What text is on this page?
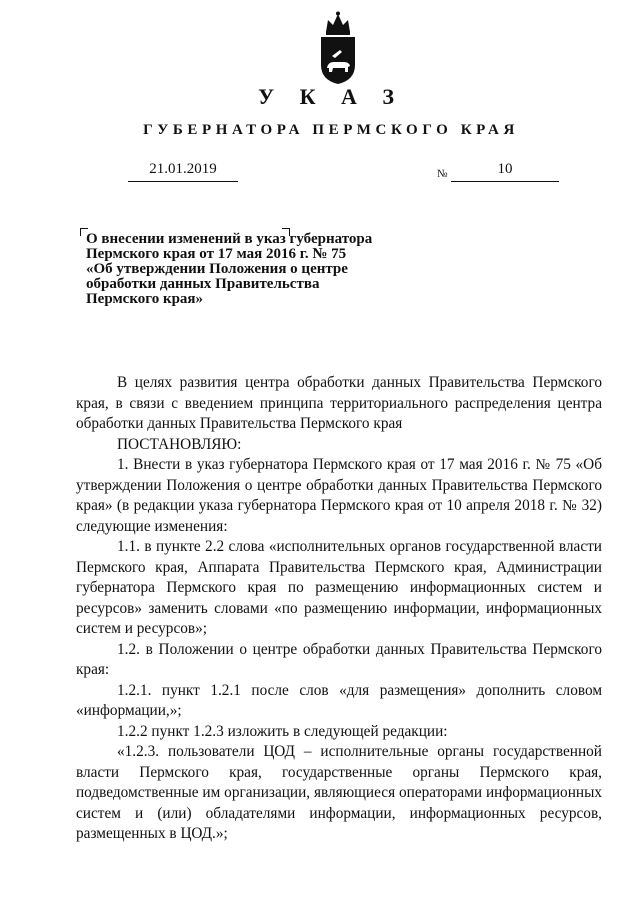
У К А З
ГУБЕРНАТОРА ПЕРМСКОГО КРАЯ
21.01.2019	№	10
О внесении изменений в указ губернатора
Пермского края от 17 мая 2016 г. № 75
«Об утверждении Положения о центре
обработки данных Правительства
Пермского края»

В целях развития центра обработки данных Правительства Пермского края, в связи с введением принципа территориального распределения центра обработки данных Правительства Пермского края

ПОСТАНОВЛЯЮ:

1. Внести в указ губернатора Пермского края от 17 мая 2016 г. № 75 «Об утверждении Положения о центре обработки данных Правительства Пермского края» (в редакции указа губернатора Пермского края от 10 апреля 2018 г. № 32) следующие изменения:

1.1. в пункте 2.2 слова «исполнительных органов государственной власти Пермского края, Аппарата Правительства Пермского края, Администрации губернатора Пермского края по размещению информационных систем и ресурсов» заменить словами «по размещению информации, информационных систем и ресурсов»;

1.2. в Положении о центре обработки данных Правительства Пермского края:

1.2.1. пункт 1.2.1 после слов «для размещения» дополнить словом «информации,»;

1.2.2 пункт 1.2.3 изложить в следующей редакции:

«1.2.3. пользователи ЦОД – исполнительные органы государственной власти Пермского края, государственные органы Пермского края, подведомственные им организации, являющиеся операторами информационных систем и (или) обладателями информации, информационных ресурсов, размещенных в ЦОД.»;
